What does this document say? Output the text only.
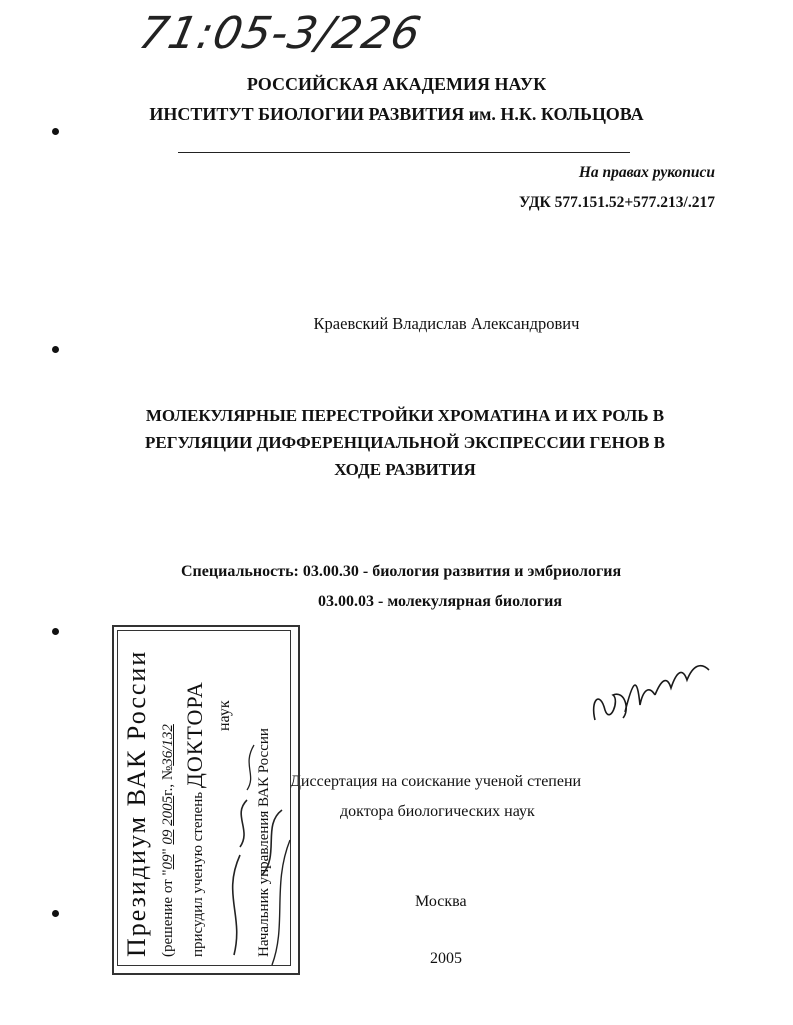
71:05-3/226
РОССИЙСКАЯ АКАДЕМИЯ НАУК
ИНСТИТУТ БИОЛОГИИ РАЗВИТИЯ им. Н.К. КОЛЬЦОВА
На правах рукописи
УДК 577.151.52+577.213/.217
Краевский Владислав Александрович
МОЛЕКУЛЯРНЫЕ ПЕРЕСТРОЙКИ ХРОМАТИНА И ИХ РОЛЬ В
РЕГУЛЯЦИИ ДИФФЕРЕНЦИАЛЬНОЙ ЭКСПРЕССИИ ГЕНОВ В
ХОДЕ РАЗВИТИЯ
Специальность: 03.00.30 - биология развития и эмбриология
03.00.03 - молекулярная биология
Диссертация на соискание ученой степени
доктора биологических наук
Москва
2005
Президиум ВАК России (решение от "09" 09 2005г., №36/132
присудил ученую степень ДОКТОРА наук
Начальник управления ВАК России
